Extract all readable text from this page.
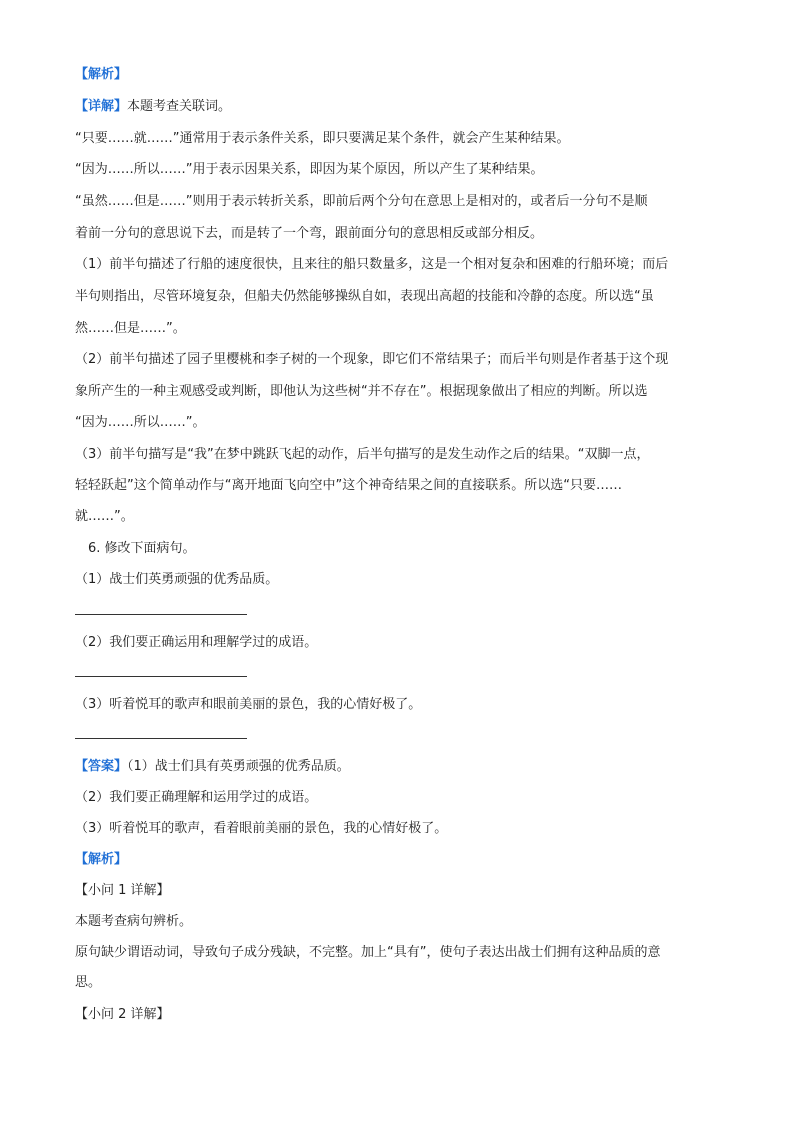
【解析】
【详解】本题考查关联词。
“只要……就……”通常用于表示条件关系，即只要满足某个条件，就会产生某种结果。
“因为……所以……”用于表示因果关系，即因为某个原因，所以产生了某种结果。
“虽然……但是……”则用于表示转折关系，即前后两个分句在意思上是相对的，或者后一分句不是顺
着前一分句的意思说下去，而是转了一个弯，跟前面分句的意思相反或部分相反。
（1）前半句描述了行船的速度很快，且来往的船只数量多，这是一个相对复杂和困难的行船环境；而后
半句则指出，尽管环境复杂，但船夫仍然能够操纵自如，表现出高超的技能和冷静的态度。所以选“虽
然……但是……”。
（2）前半句描述了园子里樱桃和李子树的一个现象，即它们不常结果子；而后半句则是作者基于这个现
象所产生的一种主观感受或判断，即他认为这些树“并不存在”。根据现象做出了相应的判断。所以选
“因为……所以……”。
（3）前半句描写是“我”在梦中跳跃飞起的动作，后半句描写的是发生动作之后的结果。“双脚一点，
轻轻跃起”这个简单动作与“离开地面飞向空中”这个神奇结果之间的直接联系。所以选“只要……
就……”。
6. 修改下面病句。
（1）战士们英勇顽强的优秀品质。
（2）我们要正确运用和理解学过的成语。
（3）听着悦耳的歌声和眼前美丽的景色，我的心情好极了。
【答案】（1）战士们具有英勇顽强的优秀品质。
（2）我们要正确理解和运用学过的成语。
（3）听着悦耳的歌声，看着眼前美丽的景色，我的心情好极了。
【解析】
【小问 1 详解】
本题考查病句辨析。
原句缺少谓语动词，导致句子成分残缺，不完整。加上“具有”，使句子表达出战士们拥有这种品质的意
思。
【小问 2 详解】
